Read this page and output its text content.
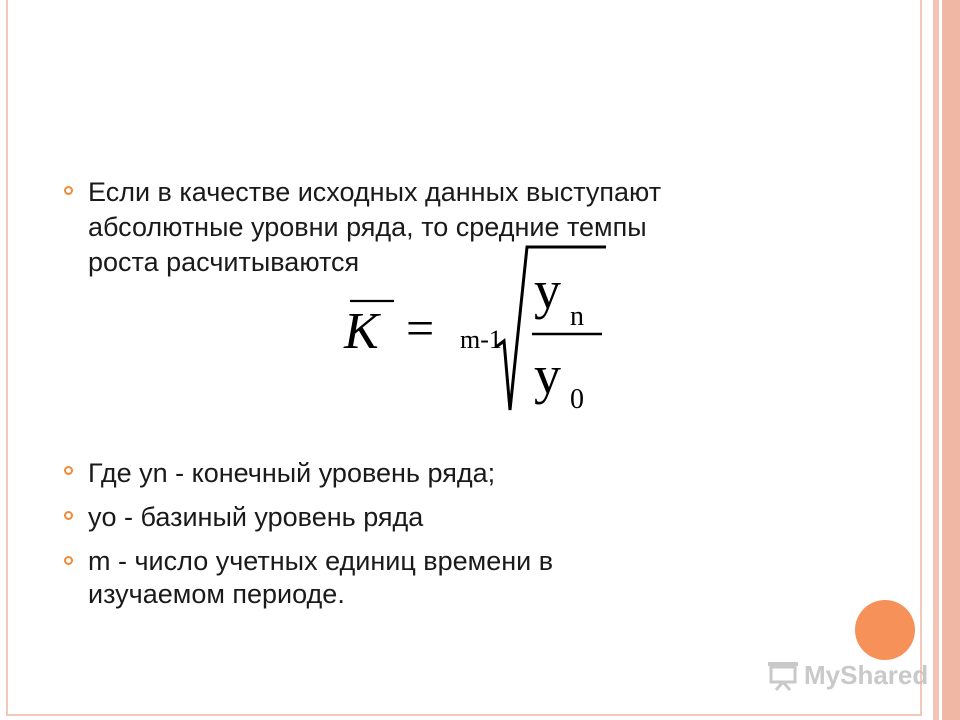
Если в качестве исходных данных выступают
абсолютные уровни ряда, то средние темпы
роста расчитываются
K = m-1
y n
y 0
Где yn - конечный уровень ряда;
yo - базиный уровень ряда
m - число учетных единиц времени в
изучаемом периоде.
MyShared
